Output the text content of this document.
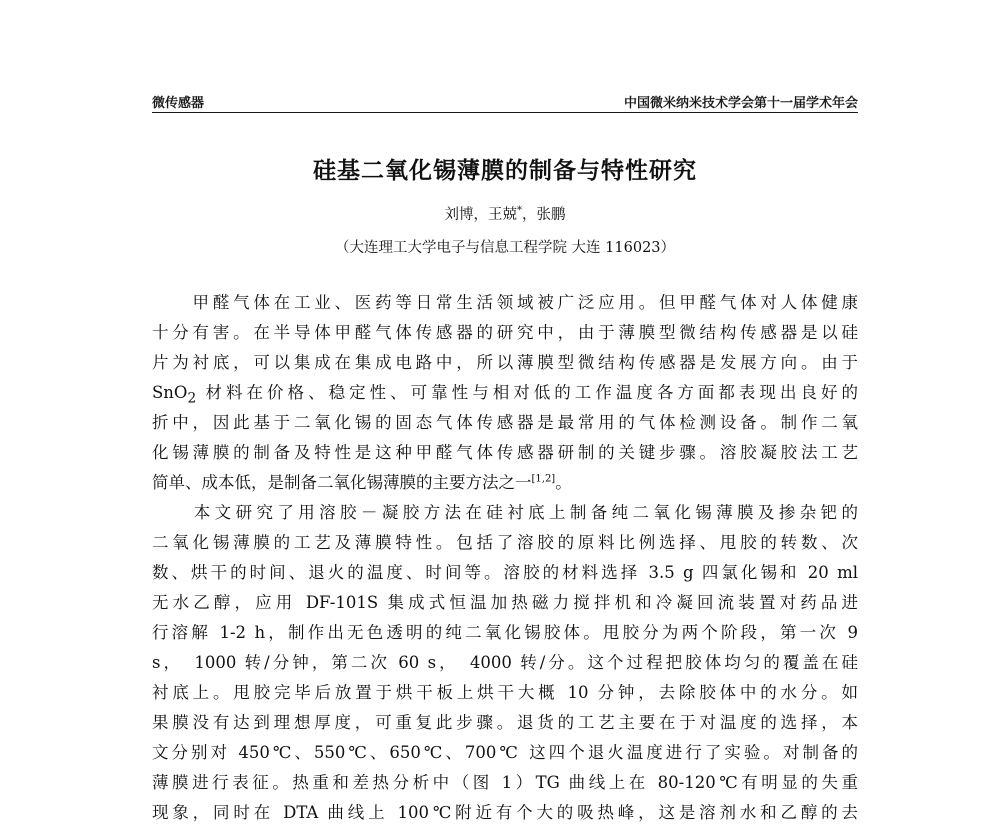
微传感器	中国微米纳米技术学会第十一届学术年会
硅基二氧化锡薄膜的制备与特性研究
刘博，王兢*，张鹏
（大连理工大学电子与信息工程学院 大连 116023）
　　甲醛气体在工业、医药等日常生活领域被广泛应用。但甲醛气体对人体健康
十分有害。在半导体甲醛气体传感器的研究中，由于薄膜型微结构传感器是以硅
片为衬底，可以集成在集成电路中，所以薄膜型微结构传感器是发展方向。由于
SnO$_2$ 材料在价格、稳定性、可靠性与相对低的工作温度各方面都表现出良好的
折中，因此基于二氧化锡的固态气体传感器是最常用的气体检测设备。制作二氧
化锡薄膜的制备及特性是这种甲醛气体传感器研制的关键步骤。溶胶凝胶法工艺
简单、成本低，是制备二氧化锡薄膜的主要方法之一[1,2]。
　　本文研究了用溶胶－凝胶方法在硅衬底上制备纯二氧化锡薄膜及掺杂钯的
二氧化锡薄膜的工艺及薄膜特性。包括了溶胶的原料比例选择、甩胶的转数、次
数、烘干的时间、退火的温度、时间等。溶胶的材料选择 3.5 g 四氯化锡和 20 ml
无水乙醇，应用 DF-101S 集成式恒温加热磁力搅拌机和冷凝回流装置对药品进
行溶解 1-2 h，制作出无色透明的纯二氧化锡胶体。甩胶分为两个阶段，第一次 9
s，　1000 转/分钟，第二次 60 s，　4000 转/分。这个过程把胶体均匀的覆盖在硅
衬底上。甩胶完毕后放置于烘干板上烘干大概 10 分钟，去除胶体中的水分。如
果膜没有达到理想厚度，可重复此步骤。退货的工艺主要在于对温度的选择，本
文分别对 450℃、550℃、650℃、700℃ 这四个退火温度进行了实验。对制备的
薄膜进行表征。热重和差热分析中（图 1）TG 曲线上在 80-120℃有明显的失重
现象，同时在 DTA 曲线上 100℃附近有个大的吸热峰，这是溶剂水和乙醇的去
